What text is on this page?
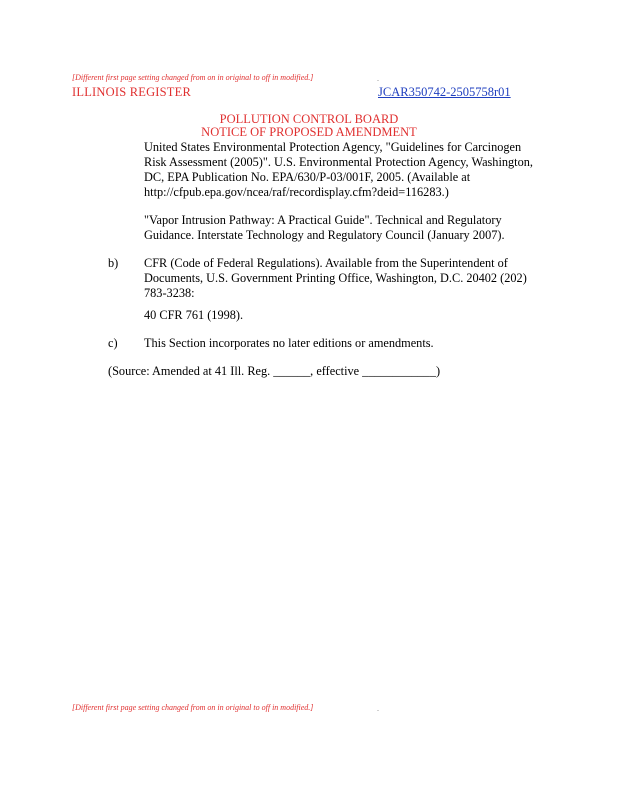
[Different first page setting changed from on in original to off in modified.]	.
ILLINOIS REGISTER	JCAR350742-2505758r01
POLLUTION CONTROL BOARD
NOTICE OF PROPOSED AMENDMENT
United States Environmental Protection Agency, "Guidelines for Carcinogen
Risk Assessment (2005)". U.S. Environmental Protection Agency, Washington,
DC, EPA Publication No. EPA/630/P-03/001F, 2005. (Available at
http://cfpub.epa.gov/ncea/raf/recordisplay.cfm?deid=116283.)
"Vapor Intrusion Pathway: A Practical Guide". Technical and Regulatory
Guidance. Interstate Technology and Regulatory Council (January 2007).
b) CFR (Code of Federal Regulations). Available from the Superintendent of
Documents, U.S. Government Printing Office, Washington, D.C. 20402 (202)
783-3238:
40 CFR 761 (1998).
c) This Section incorporates no later editions or amendments.
(Source: Amended at 41 Ill. Reg. ______, effective ____________)
[Different first page setting changed from on in original to off in modified.]	.
